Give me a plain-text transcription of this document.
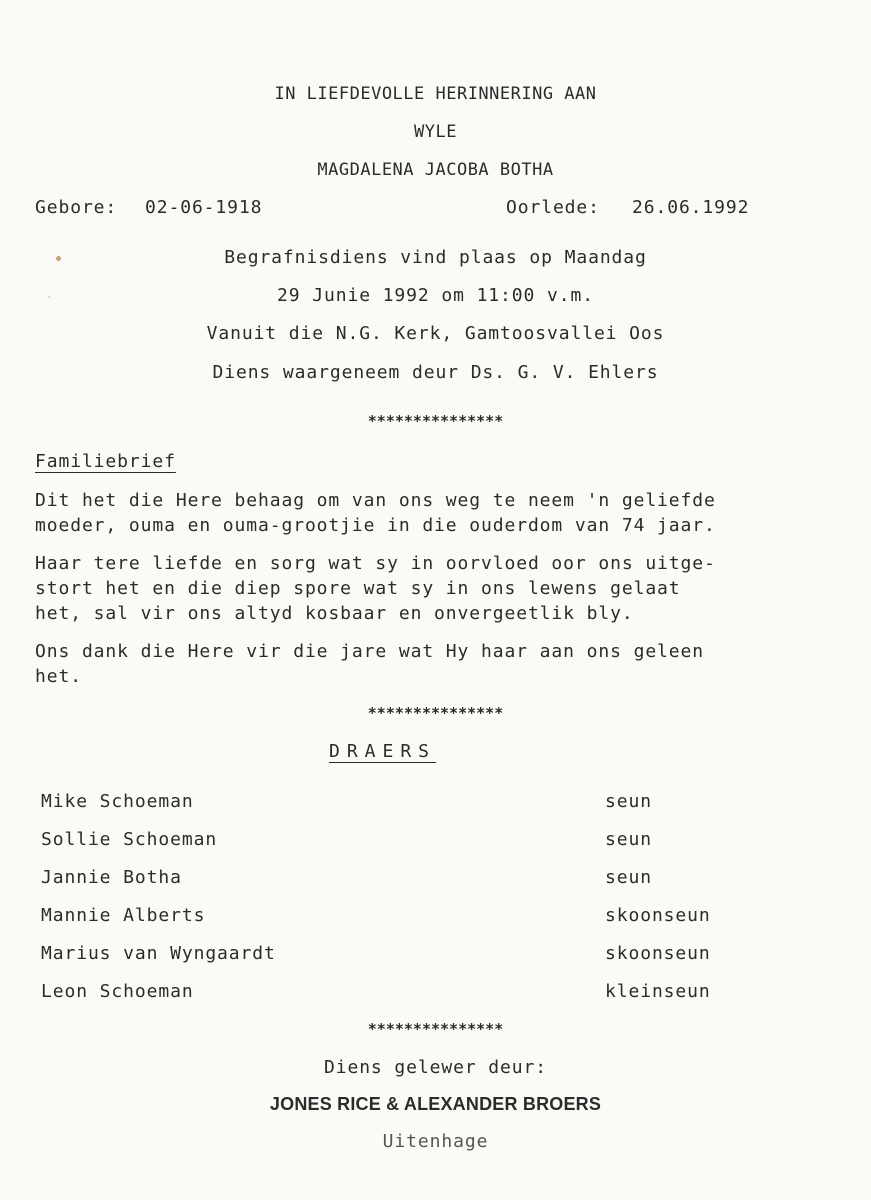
IN LIEFDEVOLLE HERINNERING AAN
WYLE
MAGDALENA JACOBA BOTHA
Gebore: 02-06-1918	Oorlede: 26.06.1992
Begrafnisdiens vind plaas op Maandag
29 Junie 1992 om 11:00 v.m.
Vanuit die N.G. Kerk, Gamtoosvallei Oos
Diens waargeneem deur Ds. G. V. Ehlers
***************
Familiebrief
Dit het die Here behaag om van ons weg te neem 'n geliefde
moeder, ouma en ouma-grootjie in die ouderdom van 74 jaar.
Haar tere liefde en sorg wat sy in oorvloed oor ons uitge-
stort het en die diep spore wat sy in ons lewens gelaat
het, sal vir ons altyd kosbaar en onvergeetlik bly.
Ons dank die Here vir die jare wat Hy haar aan ons geleen
het.
***************
DRAERS
Mike Schoeman	seun
Sollie Schoeman	seun
Jannie Botha	seun
Mannie Alberts	skoonseun
Marius van Wyngaardt	skoonseun
Leon Schoeman	kleinseun
***************
Diens gelewer deur:
JONES RICE & ALEXANDER BROERS
Uitenhage
